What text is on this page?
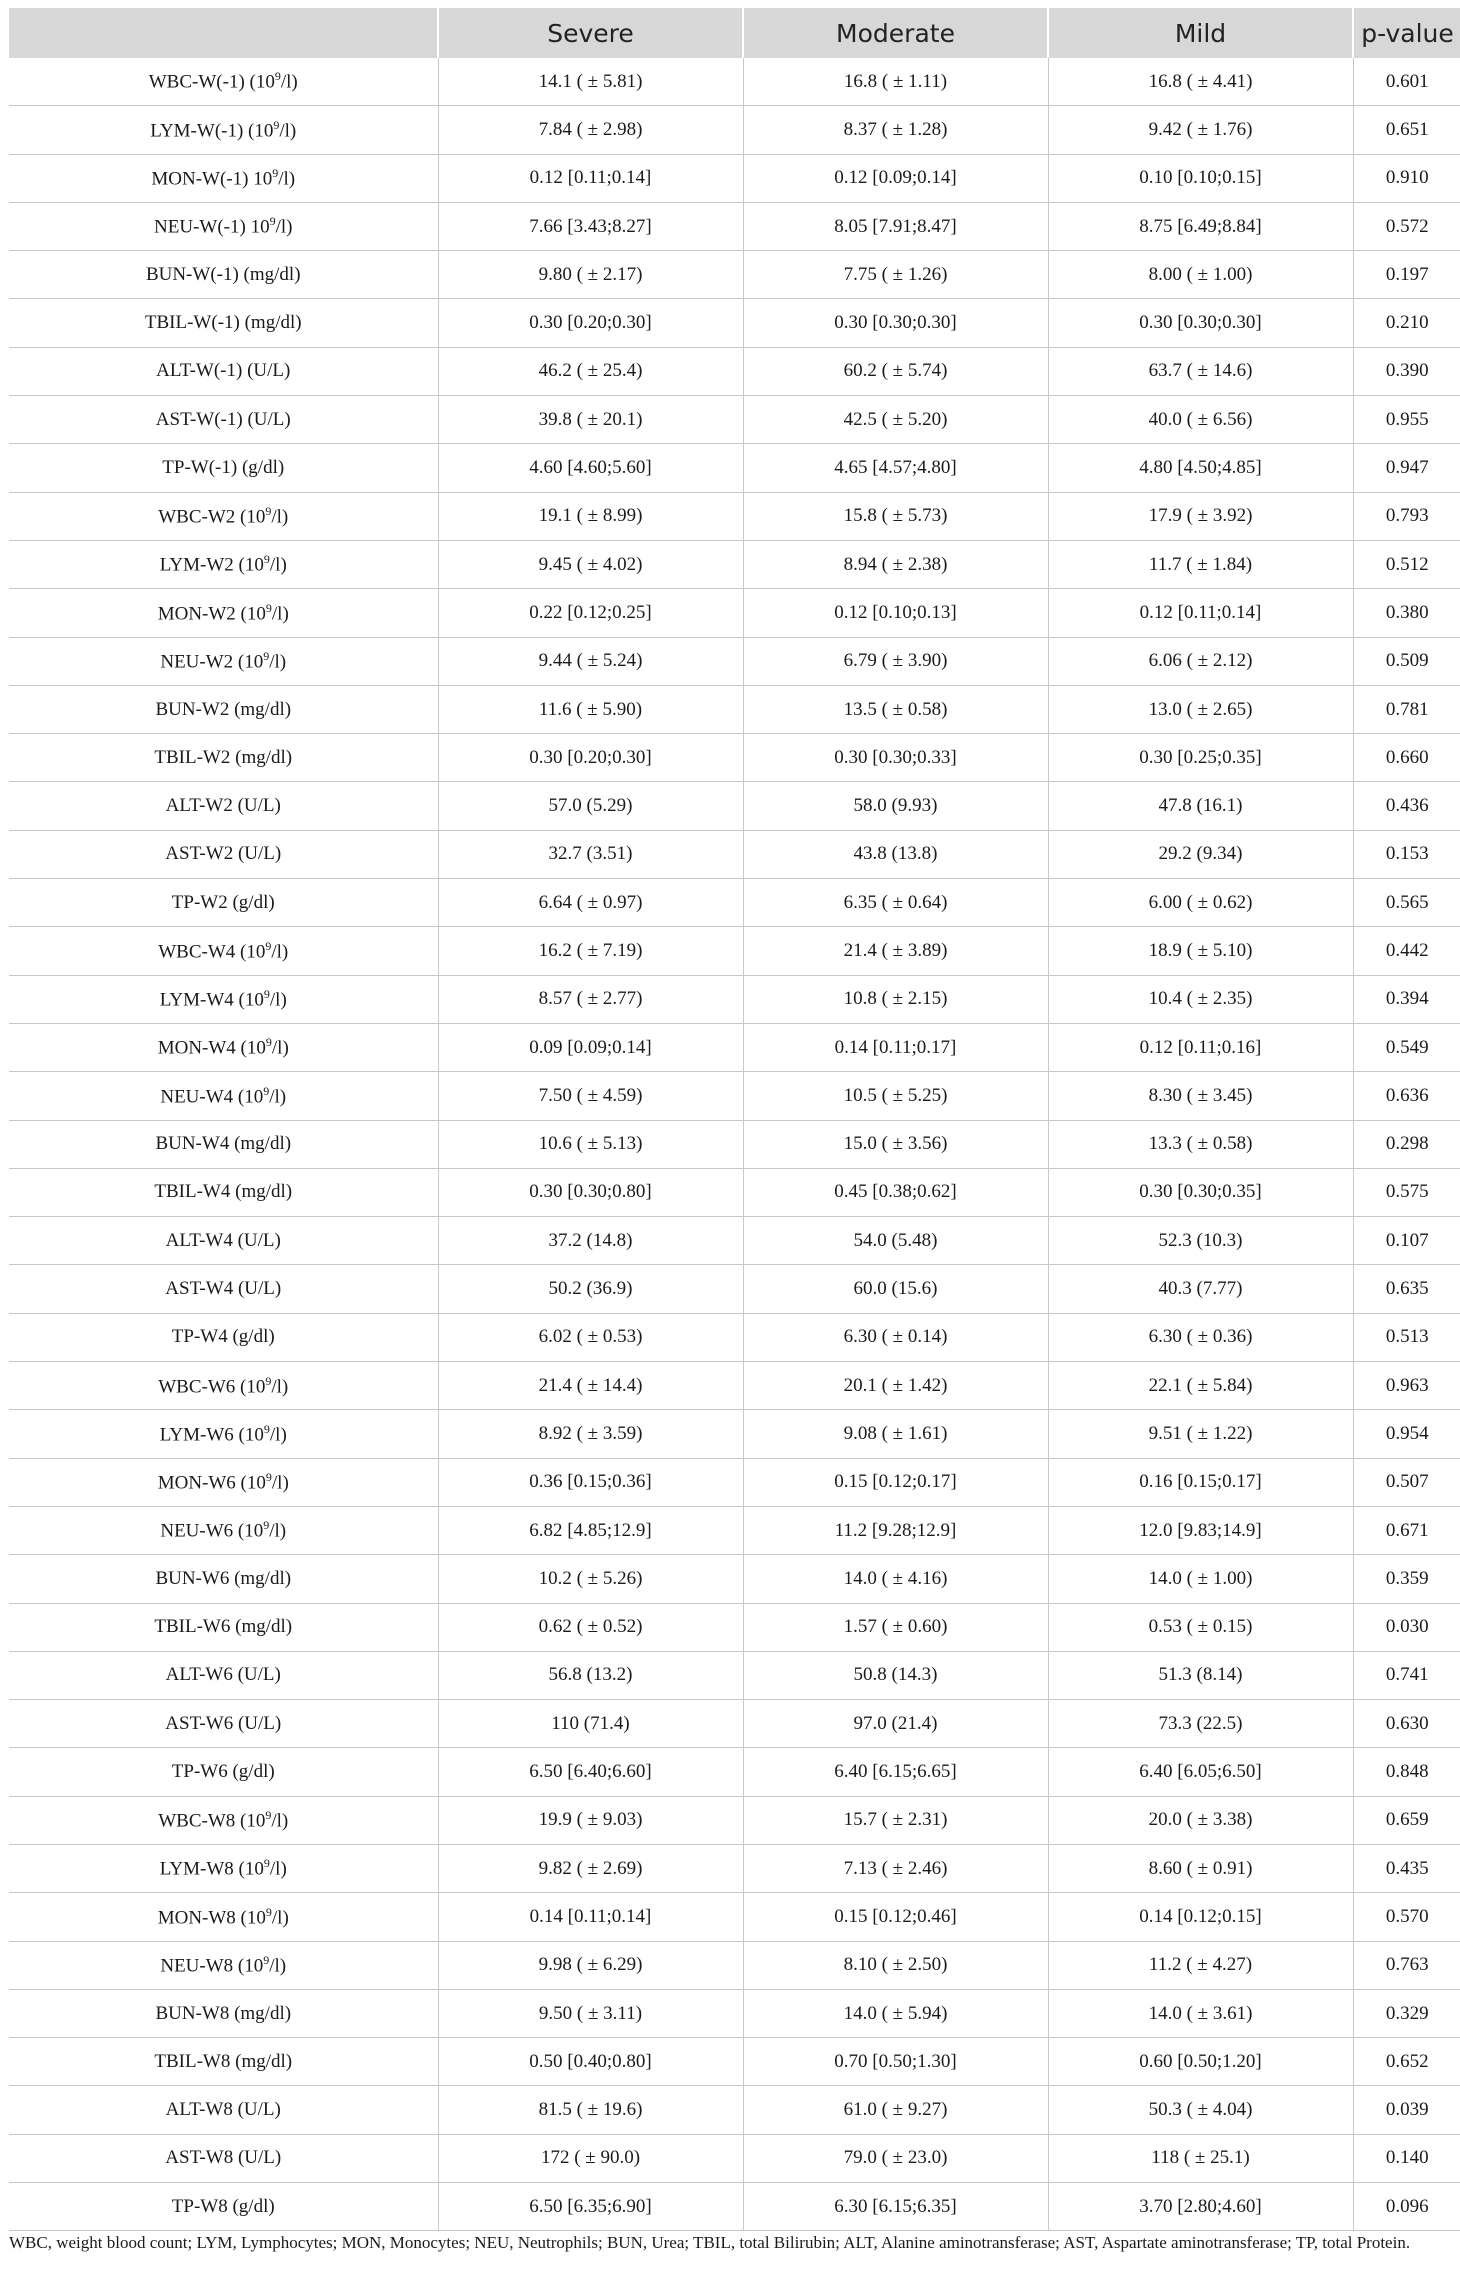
	Severe	Moderate	Mild	p-value
WBC-W(-1) $(10^9/l)$	14.1 ( ± 5.81)	16.8 ( ± 1.11)	16.8 ( ± 4.41)	0.601
LYM-W(-1) $(10^9/l)$	7.84 ( ± 2.98)	8.37 ( ± 1.28)	9.42 ( ± 1.76)	0.651
MON-W(-1) $10^9/l$)	0.12 [0.11;0.14]	0.12 [0.09;0.14]	0.10 [0.10;0.15]	0.910
NEU-W(-1) $10^9/l$)	7.66 [3.43;8.27]	8.05 [7.91;8.47]	8.75 [6.49;8.84]	0.572
BUN-W(-1) (mg/dl)	9.80 ( ± 2.17)	7.75 ( ± 1.26)	8.00 ( ± 1.00)	0.197
TBIL-W(-1) (mg/dl)	0.30 [0.20;0.30]	0.30 [0.30;0.30]	0.30 [0.30;0.30]	0.210
ALT-W(-1) (U/L)	46.2 ( ± 25.4)	60.2 ( ± 5.74)	63.7 ( ± 14.6)	0.390
AST-W(-1) (U/L)	39.8 ( ± 20.1)	42.5 ( ± 5.20)	40.0 ( ± 6.56)	0.955
TP-W(-1) (g/dl)	4.60 [4.60;5.60]	4.65 [4.57;4.80]	4.80 [4.50;4.85]	0.947
WBC-W2 $(10^9/l)$	19.1 ( ± 8.99)	15.8 ( ± 5.73)	17.9 ( ± 3.92)	0.793
LYM-W2 $(10^9/l)$	9.45 ( ± 4.02)	8.94 ( ± 2.38)	11.7 ( ± 1.84)	0.512
MON-W2 $(10^9/l)$	0.22 [0.12;0.25]	0.12 [0.10;0.13]	0.12 [0.11;0.14]	0.380
NEU-W2 $(10^9/l)$	9.44 ( ± 5.24)	6.79 ( ± 3.90)	6.06 ( ± 2.12)	0.509
BUN-W2 (mg/dl)	11.6 ( ± 5.90)	13.5 ( ± 0.58)	13.0 ( ± 2.65)	0.781
TBIL-W2 (mg/dl)	0.30 [0.20;0.30]	0.30 [0.30;0.33]	0.30 [0.25;0.35]	0.660
ALT-W2 (U/L)	57.0 (5.29)	58.0 (9.93)	47.8 (16.1)	0.436
AST-W2 (U/L)	32.7 (3.51)	43.8 (13.8)	29.2 (9.34)	0.153
TP-W2 (g/dl)	6.64 ( ± 0.97)	6.35 ( ± 0.64)	6.00 ( ± 0.62)	0.565
WBC-W4 $(10^9/l)$	16.2 ( ± 7.19)	21.4 ( ± 3.89)	18.9 ( ± 5.10)	0.442
LYM-W4 $(10^9/l)$	8.57 ( ± 2.77)	10.8 ( ± 2.15)	10.4 ( ± 2.35)	0.394
MON-W4 $(10^9/l)$	0.09 [0.09;0.14]	0.14 [0.11;0.17]	0.12 [0.11;0.16]	0.549
NEU-W4 $(10^9/l)$	7.50 ( ± 4.59)	10.5 ( ± 5.25)	8.30 ( ± 3.45)	0.636
BUN-W4 (mg/dl)	10.6 ( ± 5.13)	15.0 ( ± 3.56)	13.3 ( ± 0.58)	0.298
TBIL-W4 (mg/dl)	0.30 [0.30;0.80]	0.45 [0.38;0.62]	0.30 [0.30;0.35]	0.575
ALT-W4 (U/L)	37.2 (14.8)	54.0 (5.48)	52.3 (10.3)	0.107
AST-W4 (U/L)	50.2 (36.9)	60.0 (15.6)	40.3 (7.77)	0.635
TP-W4 (g/dl)	6.02 ( ± 0.53)	6.30 ( ± 0.14)	6.30 ( ± 0.36)	0.513
WBC-W6 $(10^9/l)$	21.4 ( ± 14.4)	20.1 ( ± 1.42)	22.1 ( ± 5.84)	0.963
LYM-W6 $(10^9/l)$	8.92 ( ± 3.59)	9.08 ( ± 1.61)	9.51 ( ± 1.22)	0.954
MON-W6 $(10^9/l)$	0.36 [0.15;0.36]	0.15 [0.12;0.17]	0.16 [0.15;0.17]	0.507
NEU-W6 $(10^9/l)$	6.82 [4.85;12.9]	11.2 [9.28;12.9]	12.0 [9.83;14.9]	0.671
BUN-W6 (mg/dl)	10.2 ( ± 5.26)	14.0 ( ± 4.16)	14.0 ( ± 1.00)	0.359
TBIL-W6 (mg/dl)	0.62 ( ± 0.52)	1.57 ( ± 0.60)	0.53 ( ± 0.15)	0.030
ALT-W6 (U/L)	56.8 (13.2)	50.8 (14.3)	51.3 (8.14)	0.741
AST-W6 (U/L)	110 (71.4)	97.0 (21.4)	73.3 (22.5)	0.630
TP-W6 (g/dl)	6.50 [6.40;6.60]	6.40 [6.15;6.65]	6.40 [6.05;6.50]	0.848
WBC-W8 $(10^9/l)$	19.9 ( ± 9.03)	15.7 ( ± 2.31)	20.0 ( ± 3.38)	0.659
LYM-W8 $(10^9/l)$	9.82 ( ± 2.69)	7.13 ( ± 2.46)	8.60 ( ± 0.91)	0.435
MON-W8 $(10^9/l)$	0.14 [0.11;0.14]	0.15 [0.12;0.46]	0.14 [0.12;0.15]	0.570
NEU-W8 $(10^9/l)$	9.98 ( ± 6.29)	8.10 ( ± 2.50)	11.2 ( ± 4.27)	0.763
BUN-W8 (mg/dl)	9.50 ( ± 3.11)	14.0 ( ± 5.94)	14.0 ( ± 3.61)	0.329
TBIL-W8 (mg/dl)	0.50 [0.40;0.80]	0.70 [0.50;1.30]	0.60 [0.50;1.20]	0.652
ALT-W8 (U/L)	81.5 ( ± 19.6)	61.0 ( ± 9.27)	50.3 ( ± 4.04)	0.039
AST-W8 (U/L)	172 ( ± 90.0)	79.0 ( ± 23.0)	118 ( ± 25.1)	0.140
TP-W8 (g/dl)	6.50 [6.35;6.90]	6.30 [6.15;6.35]	3.70 [2.80;4.60]	0.096
WBC, weight blood count; LYM, Lymphocytes; MON, Monocytes; NEU, Neutrophils; BUN, Urea; TBIL, total Bilirubin; ALT, Alanine aminotransferase; AST, Aspartate aminotransferase; TP, total Protein.
